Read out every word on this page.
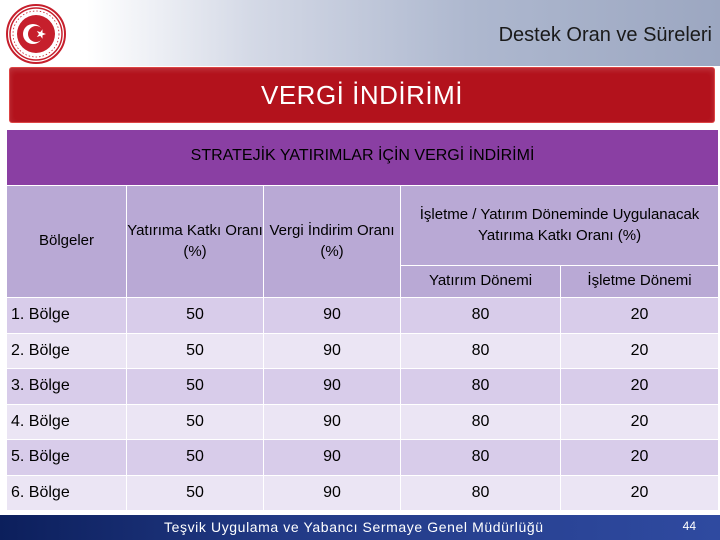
Destek Oran ve Süreleri
VERGİ İNDİRİMİ
STRATEJİK YATIRIMLAR İÇİN VERGİ İNDİRİMİ				
Bölgeler	Yatırıma Katkı Oranı (%)	Vergi İndirim Oranı (%)	İşletme / Yatırım Döneminde Uygulanacak Yatırıma Katkı Oranı (%)	
			Yatırım Dönemi	İşletme Dönemi
1. Bölge	50	90	80	20
2. Bölge	50	90	80	20
3. Bölge	50	90	80	20
4. Bölge	50	90	80	20
5. Bölge	50	90	80	20
6. Bölge	50	90	80	20
Teşvik Uygulama ve Yabancı Sermaye Genel Müdürlüğü	44
